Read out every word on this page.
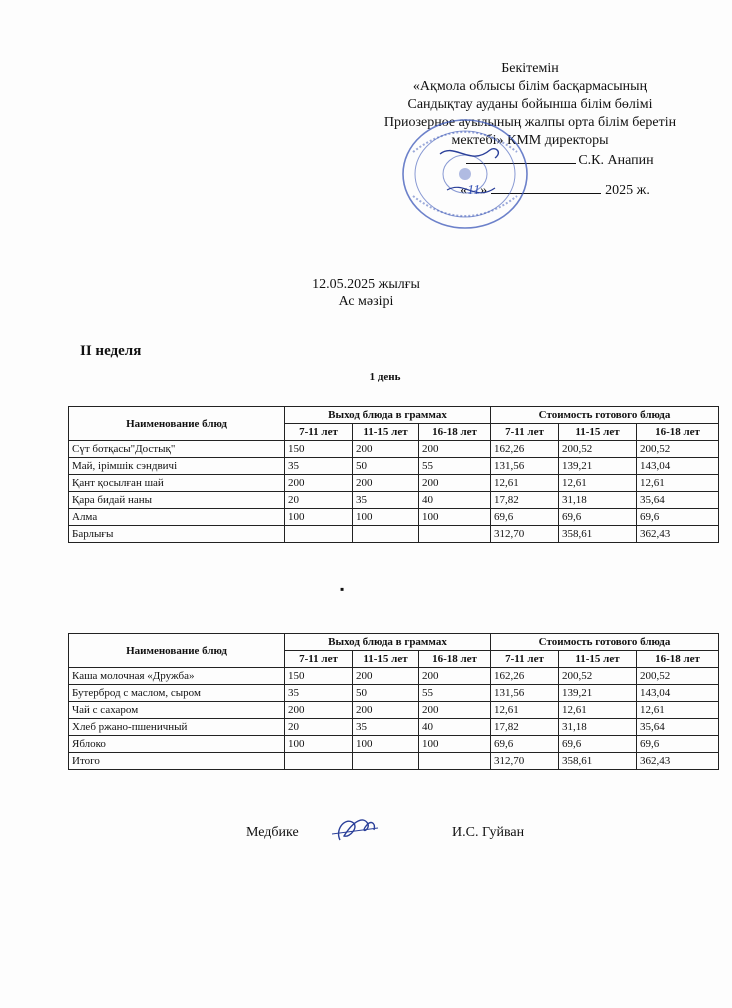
Бекітемін
«Ақмола облысы білім басқармасының
Сандықтау ауданы бойынша білім бөлімі
Приозерное ауылының жалпы орта білім беретін
мектебі» КММ директоры
С.К. Анапин
«11»	2025 ж.
12.05.2025 жылғы
Ас мәзірі
II неделя
1 день
Наименование блюд	Выход блюда в граммах			Стоимость готового блюда		
	7-11 лет	11-15 лет	16-18 лет	7-11 лет	11-15 лет	16-18 лет
Сүт ботқасы"Достық"	150	200	200	162,26	200,52	200,52
Май, ірімшік сэндвичі	35	50	55	131,56	139,21	143,04
Қант қосылған шай	200	200	200	12,61	12,61	12,61
Қара бидай наны	20	35	40	17,82	31,18	35,64
Алма	100	100	100	69,6	69,6	69,6
Барлығы				312,70	358,61	362,43
▪
Наименование блюд	Выход блюда в граммах			Стоимость готового блюда		
	7-11 лет	11-15 лет	16-18 лет	7-11 лет	11-15 лет	16-18 лет
Каша молочная «Дружба»	150	200	200	162,26	200,52	200,52
Бутерброд с маслом, сыром	35	50	55	131,56	139,21	143,04
Чай с сахаром	200	200	200	12,61	12,61	12,61
Хлеб ржано-пшеничный	20	35	40	17,82	31,18	35,64
Яблоко	100	100	100	69,6	69,6	69,6
Итого				312,70	358,61	362,43
Медбике	И.С. Гуйван
